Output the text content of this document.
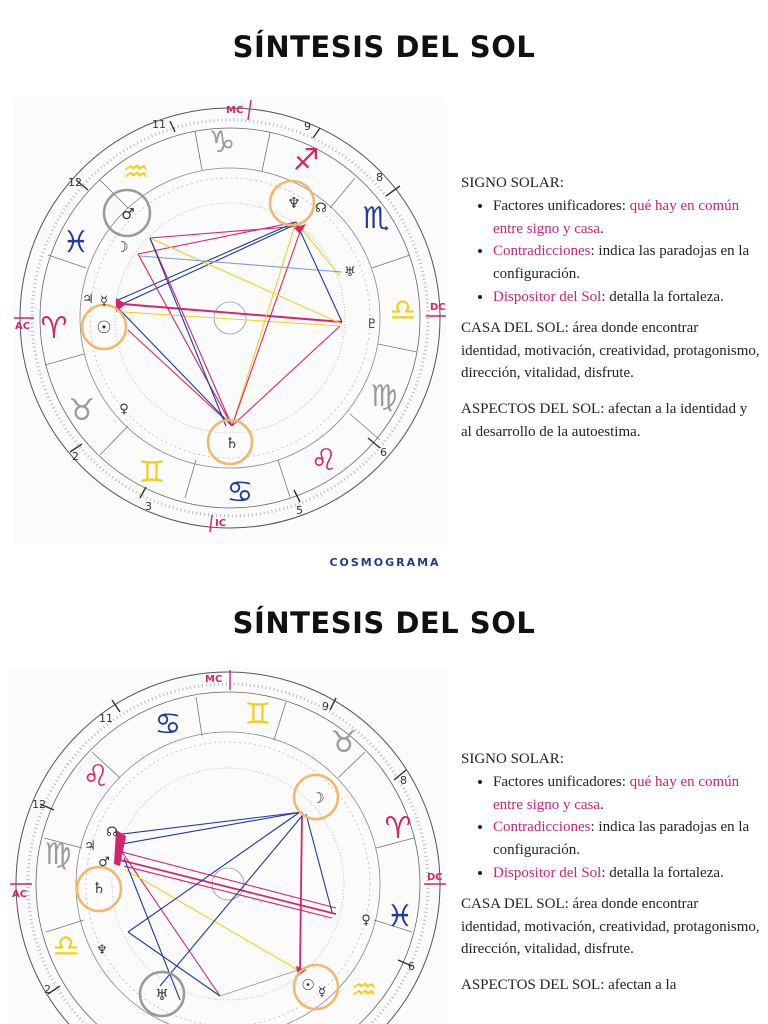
SÍNTESIS DEL SOL
MC
IC
AC
DC
11	9
8
12
6
2
3	5
♑
♐
♏
♎
♍
♌
♋
♊
♉
♈
♓
♒
♂
☽
♃ ☿
☉
♀
♄
♆ ☊
♅
♇

SIGNO SOLAR:

• Factores unificadores: qué hay en común entre signo y casa.
• Contradicciones: indica las paradojas en la configuración.
• Dispositor del Sol: detalla la fortaleza.

CASA DEL SOL: área donde encontrar identidad, motivación, creatividad, protagonismo, dirección, vitalidad, disfrute.

ASPECTOS DEL SOL: afectan a la identidad y al desarrollo de la autoestima.

COSMOGRAMA
SÍNTESIS DEL SOL
MC
AC
DC
11
9
8
12
6
2
♊
♉
♈
♓
♒
♋
♌
♍
♎
☽
☊
♃
♂
♄
♆
♀
☉ ☿
♅

SIGNO SOLAR:

• Factores unificadores: qué hay en común entre signo y casa.
• Contradicciones: indica las paradojas en la configuración.
• Dispositor del Sol: detalla la fortaleza.

CASA DEL SOL: área donde encontrar identidad, motivación, creatividad, protagonismo, dirección, vitalidad, disfrute.

ASPECTOS DEL SOL: afectan a la
